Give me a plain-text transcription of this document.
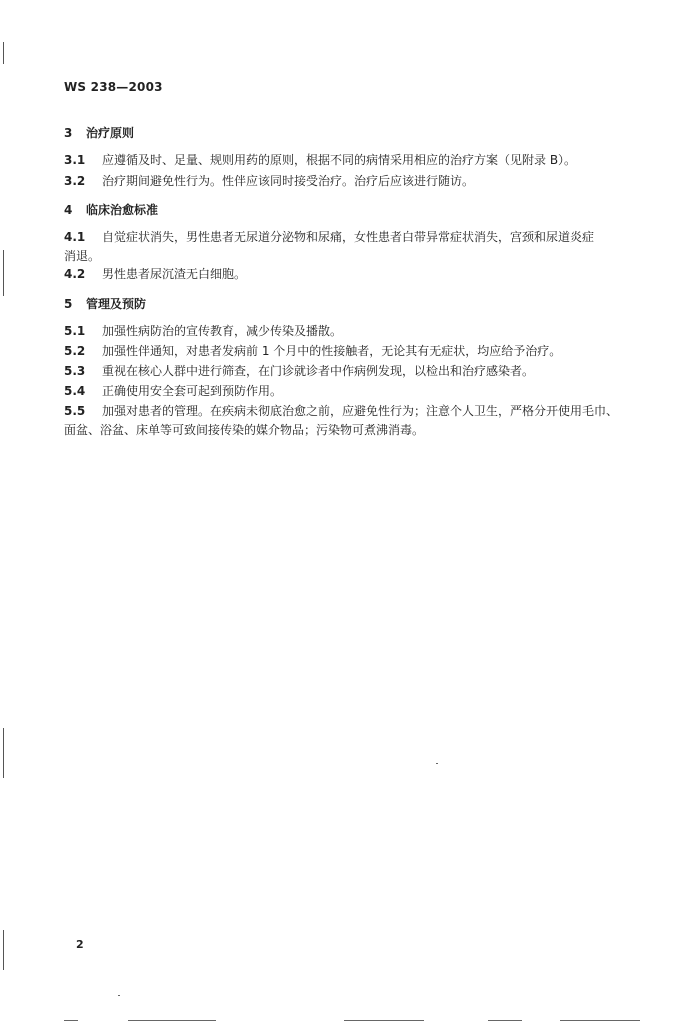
WS 238—2003
3 治疗原则
3.1 应遵循及时、足量、规则用药的原则，根据不同的病情采用相应的治疗方案（见附录 B）。
3.2 治疗期间避免性行为。性伴应该同时接受治疗。治疗后应该进行随访。
4 临床治愈标准
4.1 自觉症状消失，男性患者无尿道分泌物和尿痛，女性患者白带异常症状消失，宫颈和尿道炎症
消退。
4.2 男性患者尿沉渣无白细胞。
5 管理及预防
5.1 加强性病防治的宣传教育，减少传染及播散。
5.2 加强性伴通知，对患者发病前 1 个月中的性接触者，无论其有无症状，均应给予治疗。
5.3 重视在核心人群中进行筛查，在门诊就诊者中作病例发现，以检出和治疗感染者。
5.4 正确使用安全套可起到预防作用。
5.5 加强对患者的管理。在疾病未彻底治愈之前，应避免性行为；注意个人卫生，严格分开使用毛巾、
面盆、浴盆、床单等可致间接传染的媒介物品；污染物可煮沸消毒。
2
